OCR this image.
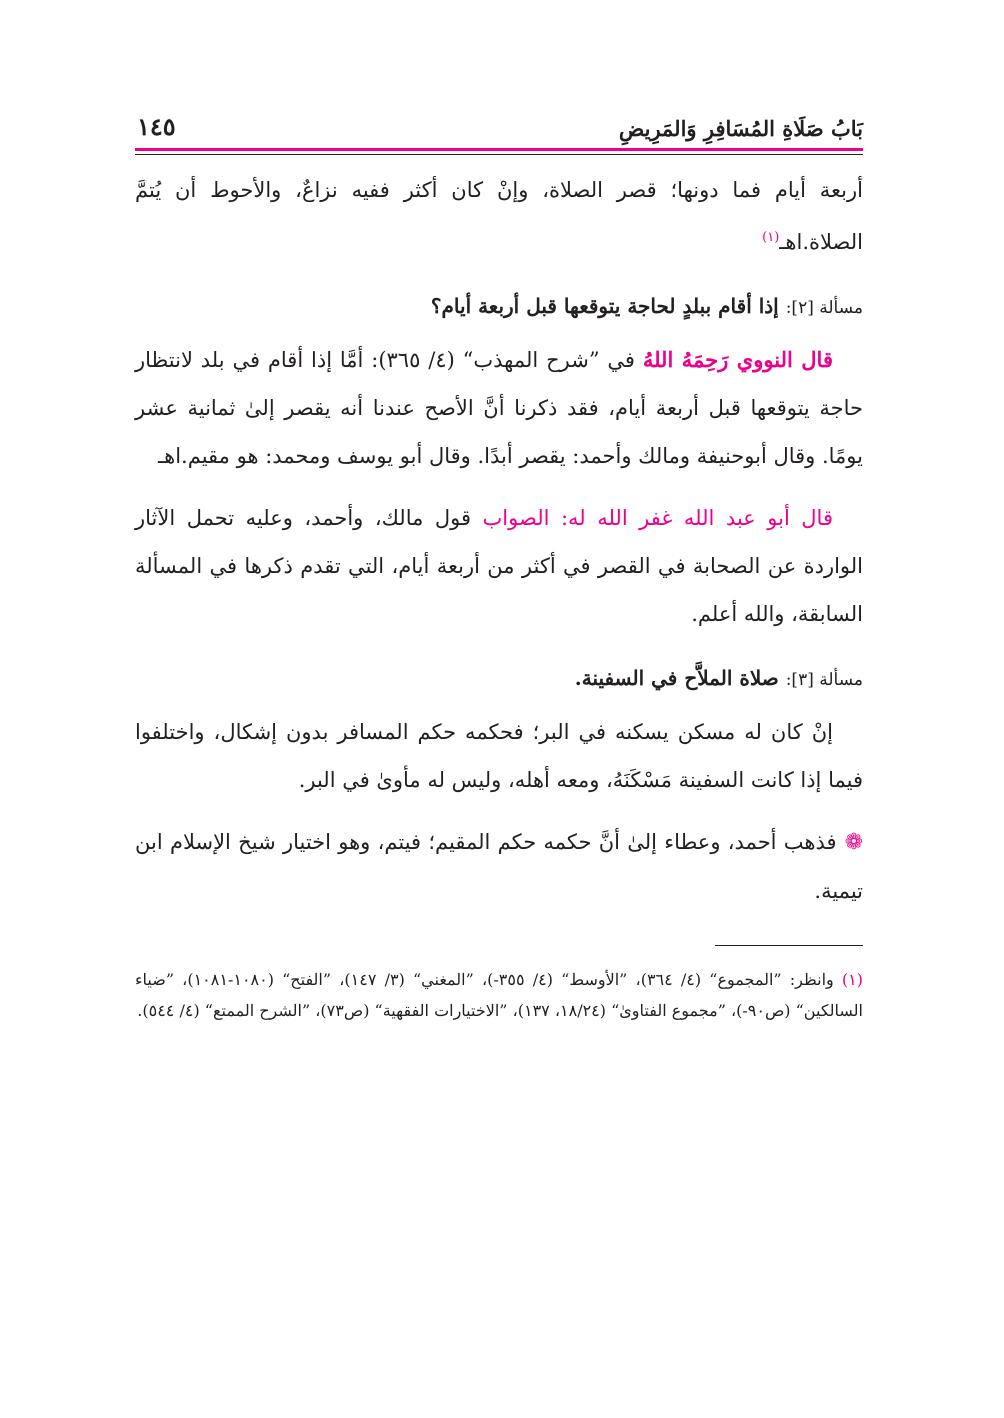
بَابُ صَلَاةِ المُسَافِرِ وَالمَرِيضِ
١٤٥

أربعة أيام فما دونها؛ قصر الصلاة، وإنْ كان أكثر ففيه نزاعٌ، والأحوط أن يُتمَّ الصلاة.اهـ$^{(١)}$

مسألة [٢]: إذا أقام ببلدٍ لحاجة يتوقعها قبل أربعة أيام؟

قال النووي رَحِمَهُ اللهُ في ”شرح المهذب“ (٤/ ٣٦٥): أمَّا إذا أقام في بلد لانتظار حاجة يتوقعها قبل أربعة أيام، فقد ذكرنا أنَّ الأصح عندنا أنه يقصر إلىٰ ثمانية عشر يومًا. وقال أبوحنيفة ومالك وأحمد: يقصر أبدًا. وقال أبو يوسف ومحمد: هو مقيم.اهـ

قال أبو عبد الله غفر الله له: الصواب قول مالك، وأحمد، وعليه تحمل الآثار الواردة عن الصحابة في القصر في أكثر من أربعة أيام، التي تقدم ذكرها في المسألة السابقة، والله أعلم.

مسألة [٣]: صلاة الملاَّح في السفينة.

إنْ كان له مسكن يسكنه في البر؛ فحكمه حكم المسافر بدون إشكال، واختلفوا فيما إذا كانت السفينة مَسْكَنَهُ، ومعه أهله، وليس له مأوىٰ في البر.

❁فذهب أحمد، وعطاء إلىٰ أنَّ حكمه حكم المقيم؛ فيتم، وهو اختيار شيخ الإسلام ابن تيمية.

(١) وانظر: ”المجموع“ (٤/ ٣٦٤)، ”الأوسط“ (٤/ ٣٥٥-)، ”المغني“ (٣/ ١٤٧)، ”الفتح“ (١٠٨٠-١٠٨١)، ”ضياء السالكين“ (ص٩٠-)، ”مجموع الفتاوىٰ“ (١٨/٢٤، ١٣٧)، ”الاختيارات الفقهية“ (ص٧٣)، ”الشرح الممتع“ (٤/ ٥٤٤).
